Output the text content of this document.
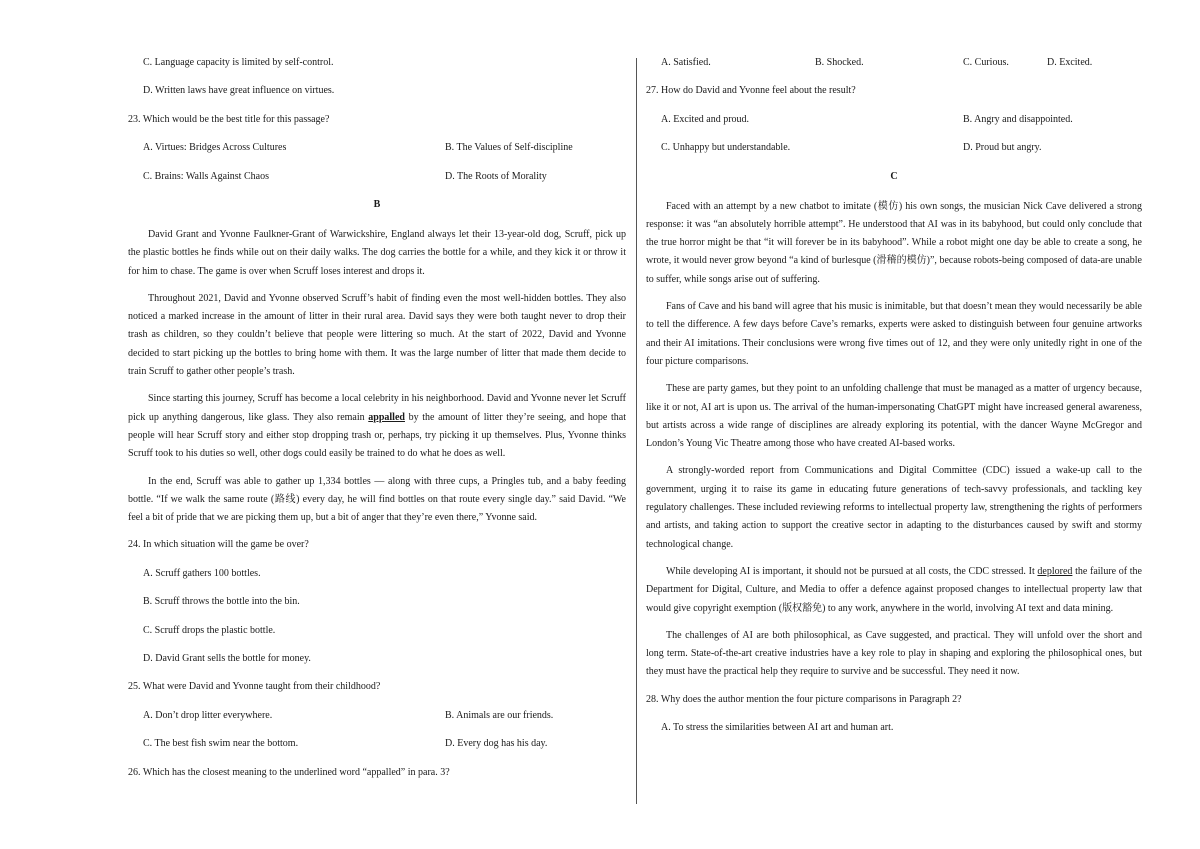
C. Language capacity is limited by self-control.
D. Written laws have great influence on virtues.
23. Which would be the best title for this passage?
A. Virtues: Bridges Across Cultures	B. The Values of Self-discipline
C. Brains: Walls Against Chaos	D. The Roots of Morality
B

David Grant and Yvonne Faulkner-Grant of Warwickshire, England always let their 13-year-old dog, Scruff, pick up the plastic bottles he finds while out on their daily walks. The dog carries the bottle for a while, and they kick it or throw it for him to chase. The game is over when Scruff loses interest and drops it.

Throughout 2021, David and Yvonne observed Scruff’s habit of finding even the most well-hidden bottles. They also noticed a marked increase in the amount of litter in their rural area. David says they were both taught never to drop their trash as children, so they couldn’t believe that people were littering so much. At the start of 2022, David and Yvonne decided to start picking up the bottles to bring home with them. It was the large number of litter that made them decide to train Scruff to gather other people’s trash.

Since starting this journey, Scruff has become a local celebrity in his neighborhood. David and Yvonne never let Scruff pick up anything dangerous, like glass. They also remain appalled by the amount of litter they’re seeing, and hope that people will hear Scruff story and either stop dropping trash or, perhaps, try picking it up themselves. Plus, Yvonne thinks Scruff took to his duties so well, other dogs could easily be trained to do what he does as well.

In the end, Scruff was able to gather up 1,334 bottles — along with three cups, a Pringles tub, and a baby feeding bottle. “If we walk the same route (路线) every day, he will find bottles on that route every single day.” said David. “We feel a bit of pride that we are picking them up, but a bit of anger that they’re even there,” Yvonne said.

24. In which situation will the game be over?
A. Scruff gathers 100 bottles.
B. Scruff throws the bottle into the bin.
C. Scruff drops the plastic bottle.
D. David Grant sells the bottle for money.
25. What were David and Yvonne taught from their childhood?
A. Don’t drop litter everywhere.	B. Animals are our friends.
C. The best fish swim near the bottom.	D. Every dog has his day.
26. Which has the closest meaning to the underlined word “appalled” in para. 3?
A. Satisfied.	B. Shocked.	C. Curious.	D. Excited.
27. How do David and Yvonne feel about the result?
A. Excited and proud.	B. Angry and disappointed.
C. Unhappy but understandable.	D. Proud but angry.
C

Faced with an attempt by a new chatbot to imitate (模仿) his own songs, the musician Nick Cave delivered a strong response: it was “an absolutely horrible attempt”. He understood that AI was in its babyhood, but could only conclude that the true horror might be that “it will forever be in its babyhood”. While a robot might one day be able to create a song, he wrote, it would never grow beyond “a kind of burlesque (滑稽的模仿)”, because robots-being composed of data-are unable to suffer, while songs arise out of suffering.

Fans of Cave and his band will agree that his music is inimitable, but that doesn’t mean they would necessarily be able to tell the difference. A few days before Cave’s remarks, experts were asked to distinguish between four genuine artworks and their AI imitations. Their conclusions were wrong five times out of 12, and they were only unitedly right in one of the four picture comparisons.

These are party games, but they point to an unfolding challenge that must be managed as a matter of urgency because, like it or not, AI art is upon us. The arrival of the human-impersonating ChatGPT might have increased general awareness, but artists across a wide range of disciplines are already exploring its potential, with the dancer Wayne McGregor and London’s Young Vic Theatre among those who have created AI-based works.

A strongly-worded report from Communications and Digital Committee (CDC) issued a wake-up call to the government, urging it to raise its game in educating future generations of tech-savvy professionals, and tackling key regulatory challenges. These included reviewing reforms to intellectual property law, strengthening the rights of performers and artists, and taking action to support the creative sector in adapting to the disturbances caused by swift and stormy technological change.

While developing AI is important, it should not be pursued at all costs, the CDC stressed. It deplored the failure of the Department for Digital, Culture, and Media to offer a defence against proposed changes to intellectual property law that would give copyright exemption (版权豁免) to any work, anywhere in the world, involving AI text and data mining.

The challenges of AI are both philosophical, as Cave suggested, and practical. They will unfold over the short and long term. State-of-the-art creative industries have a key role to play in shaping and exploring the philosophical ones, but they must have the practical help they require to survive and be successful. They need it now.

28. Why does the author mention the four picture comparisons in Paragraph 2?
A. To stress the similarities between AI art and human art.
